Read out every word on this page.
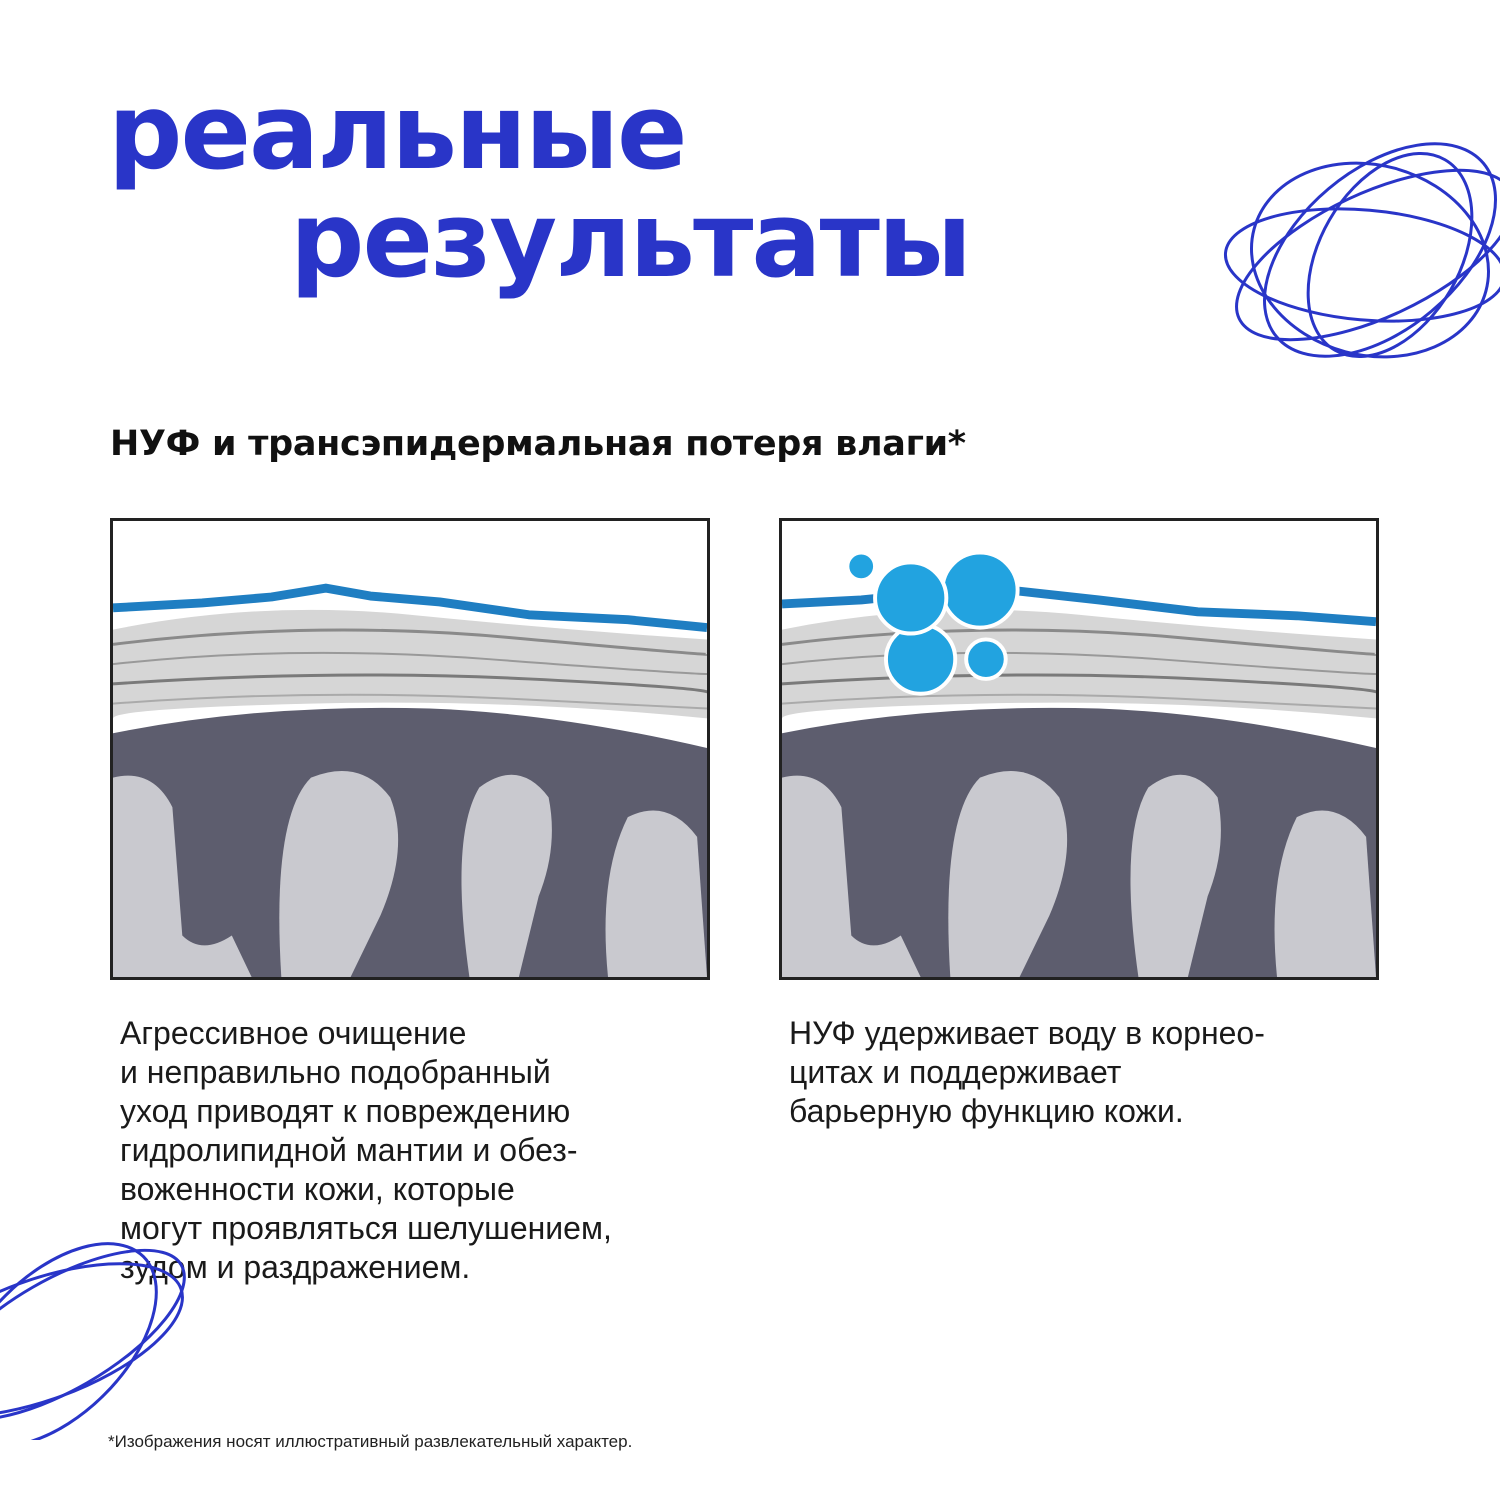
реальные
результаты
НУФ и трансэпидермальная потеря влаги*

Агрессивное очищение
и неправильно подобранный
уход приводят к повреждению
гидролипидной мантии и обез-
воженности кожи, которые
могут проявляться шелушением,
зудом и раздражением.

НУФ удерживает воду в корнео-
цитах и поддерживает
барьерную функцию кожи.

*Изображения носят иллюстративный развлекательный характер.
